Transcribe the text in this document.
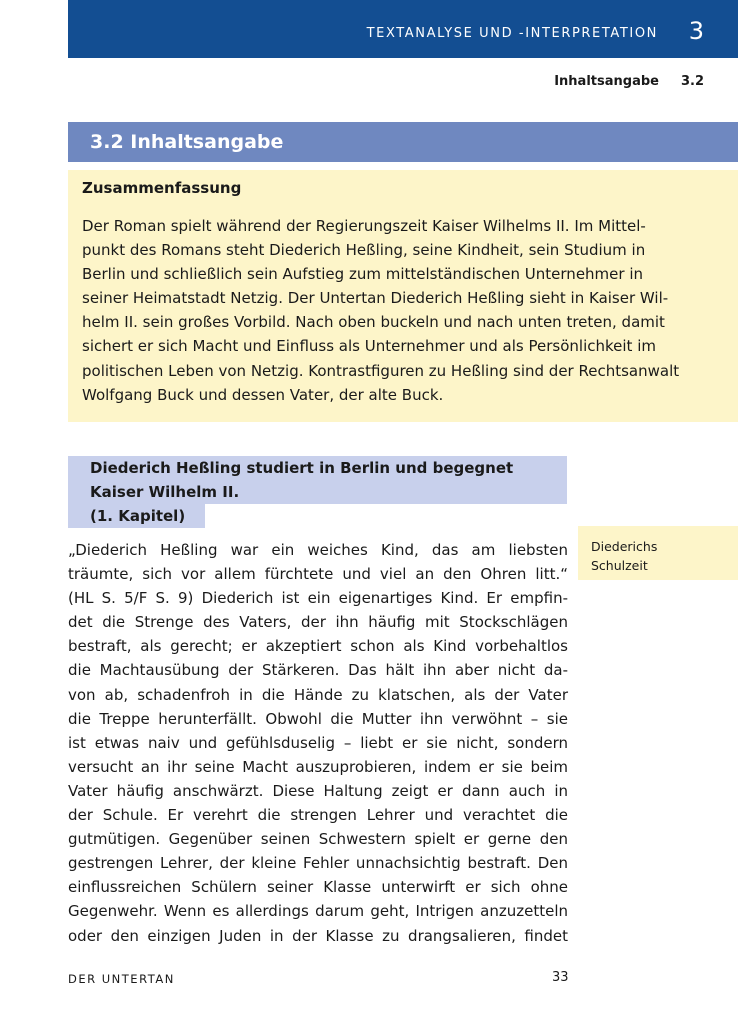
TEXTANALYSE UND -INTERPRETATION 3
Inhaltsangabe 3.2
3.2 Inhaltsangabe
Zusammenfassung
Der Roman spielt während der Regierungszeit Kaiser Wilhelms II. Im Mittel-
punkt des Romans steht Diederich Heßling, seine Kindheit, sein Studium in
Berlin und schließlich sein Aufstieg zum mittelständischen Unternehmer in
seiner Heimatstadt Netzig. Der Untertan Diederich Heßling sieht in Kaiser Wil-
helm II. sein großes Vorbild. Nach oben buckeln und nach unten treten, damit
sichert er sich Macht und Einfluss als Unternehmer und als Persönlichkeit im
politischen Leben von Netzig. Kontrastfiguren zu Heßling sind der Rechtsanwalt
Wolfgang Buck und dessen Vater, der alte Buck.
Diederich Heßling studiert in Berlin und begegnet
Kaiser Wilhelm II.
(1. Kapitel)
Diederichs
Schulzeit
„Diederich Heßling war ein weiches Kind, das am liebsten
träumte, sich vor allem fürchtete und viel an den Ohren litt.“
(HL S. 5/F S. 9) Diederich ist ein eigenartiges Kind. Er empfin-
det die Strenge des Vaters, der ihn häufig mit Stockschlägen
bestraft, als gerecht; er akzeptiert schon als Kind vorbehaltlos
die Machtausübung der Stärkeren. Das hält ihn aber nicht da-
von ab, schadenfroh in die Hände zu klatschen, als der Vater
die Treppe herunterfällt. Obwohl die Mutter ihn verwöhnt – sie
ist etwas naiv und gefühlsduselig – liebt er sie nicht, sondern
versucht an ihr seine Macht auszuprobieren, indem er sie beim
Vater häufig anschwärzt. Diese Haltung zeigt er dann auch in
der Schule. Er verehrt die strengen Lehrer und verachtet die
gutmütigen. Gegenüber seinen Schwestern spielt er gerne den
gestrengen Lehrer, der kleine Fehler unnachsichtig bestraft. Den
einflussreichen Schülern seiner Klasse unterwirft er sich ohne
Gegenwehr. Wenn es allerdings darum geht, Intrigen anzuzetteln
oder den einzigen Juden in der Klasse zu drangsalieren, findet
DER UNTERTAN	33
